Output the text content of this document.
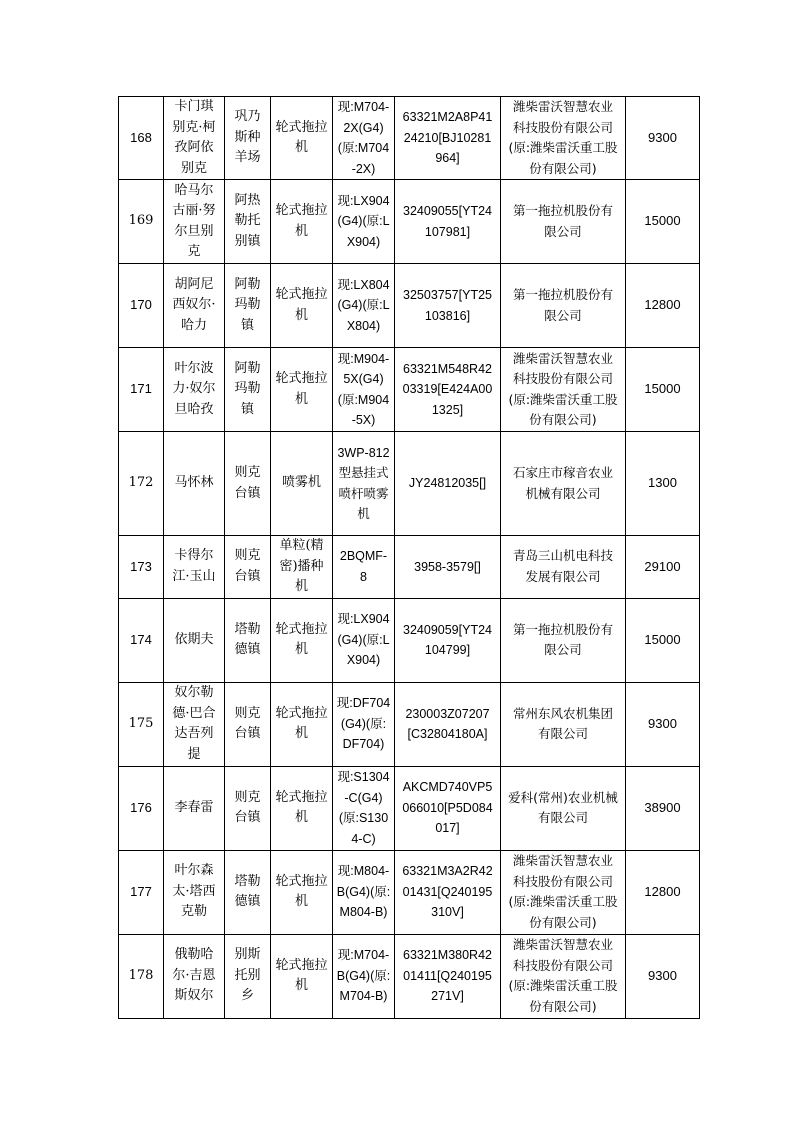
168	卡门琪别克·柯孜阿依别克	巩乃斯种羊场	轮式拖拉机	现:M704-2X(G4)(原:M704-2X)	63321M2A8P4124210[BJ10281964]	潍柴雷沃智慧农业科技股份有限公司(原:潍柴雷沃重工股份有限公司)	9300
169	哈马尔古丽·努尔旦别克	阿热勒托别镇	轮式拖拉机	现:LX904(G4)(原:LX904)	32409055[YT24107981]	第一拖拉机股份有限公司	15000
170	胡阿尼西奴尔·哈力	阿勒玛勒镇	轮式拖拉机	现:LX804(G4)(原:LX804)	32503757[YT25103816]	第一拖拉机股份有限公司	12800
171	叶尔波力·奴尔旦哈孜	阿勒玛勒镇	轮式拖拉机	现:M904-5X(G4)(原:M904-5X)	63321M548R4203319[E424A001325]	潍柴雷沃智慧农业科技股份有限公司(原:潍柴雷沃重工股份有限公司)	15000
172	马怀林	则克台镇	喷雾机	3WP-812型悬挂式喷杆喷雾机	JY24812035[]	石家庄市稼音农业机械有限公司	1300
173	卡得尔江·玉山	则克台镇	单粒(精密)播种机	2BQMF-8	3958-3579[]	青岛三山机电科技发展有限公司	29100
174	依期夫	塔勒德镇	轮式拖拉机	现:LX904(G4)(原:LX904)	32409059[YT24104799]	第一拖拉机股份有限公司	15000
175	奴尔勒德·巴合达吾列提	则克台镇	轮式拖拉机	现:DF704(G4)(原:DF704)	230003Z07207[C32804180A]	常州东风农机集团有限公司	9300
176	李春雷	则克台镇	轮式拖拉机	现:S1304-C(G4)(原:S1304-C)	AKCMD740VP5066010[P5D084017]	爱科(常州)农业机械有限公司	38900
177	叶尔森太·塔西克勒	塔勒德镇	轮式拖拉机	现:M804-B(G4)(原:M804-B)	63321M3A2R4201431[Q240195310V]	潍柴雷沃智慧农业科技股份有限公司(原:潍柴雷沃重工股份有限公司)	12800
178	俄勒哈尔·吉恩斯奴尔	别斯托别乡	轮式拖拉机	现:M704-B(G4)(原:M704-B)	63321M380R4201411[Q240195271V]	潍柴雷沃智慧农业科技股份有限公司(原:潍柴雷沃重工股份有限公司)	9300
